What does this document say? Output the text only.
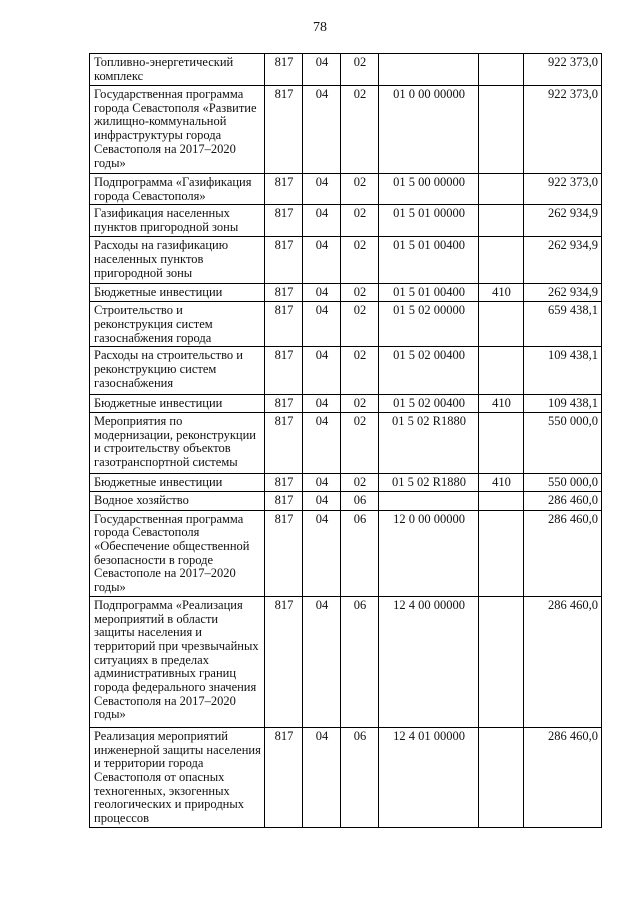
78
Топливно-энергетический комплекс	817	04	02			922 373,0
Государственная программа города Севастополя «Развитие жилищно-коммунальной инфраструктуры города Севастополя на 2017–2020 годы»	817	04	02	01 0 00 00000		922 373,0
Подпрограмма «Газификация города Севастополя»	817	04	02	01 5 00 00000		922 373,0
Газификация населенных пунктов пригородной зоны	817	04	02	01 5 01 00000		262 934,9
Расходы на газификацию населенных пунктов пригородной зоны	817	04	02	01 5 01 00400		262 934,9
Бюджетные инвестиции	817	04	02	01 5 01 00400	410	262 934,9
Строительство и реконструкция систем газоснабжения города	817	04	02	01 5 02 00000		659 438,1
Расходы на строительство и реконструкцию систем газоснабжения	817	04	02	01 5 02 00400		109 438,1
Бюджетные инвестиции	817	04	02	01 5 02 00400	410	109 438,1
Мероприятия по модернизации, реконструкции и строительству объектов газотранспортной системы	817	04	02	01 5 02 R1880		550 000,0
Бюджетные инвестиции	817	04	02	01 5 02 R1880	410	550 000,0
Водное хозяйство	817	04	06			286 460,0
Государственная программа города Севастополя «Обеспечение общественной безопасности в городе Севастополе на 2017–2020 годы»	817	04	06	12 0 00 00000		286 460,0
Подпрограмма «Реализация мероприятий в области защиты населения и территорий при чрезвычайных ситуациях в пределах административных границ города федерального значения Севастополя на 2017–2020 годы»	817	04	06	12 4 00 00000		286 460,0
Реализация мероприятий инженерной защиты населения и территории города Севастополя от опасных техногенных, экзогенных геологических и природных процессов	817	04	06	12 4 01 00000		286 460,0
